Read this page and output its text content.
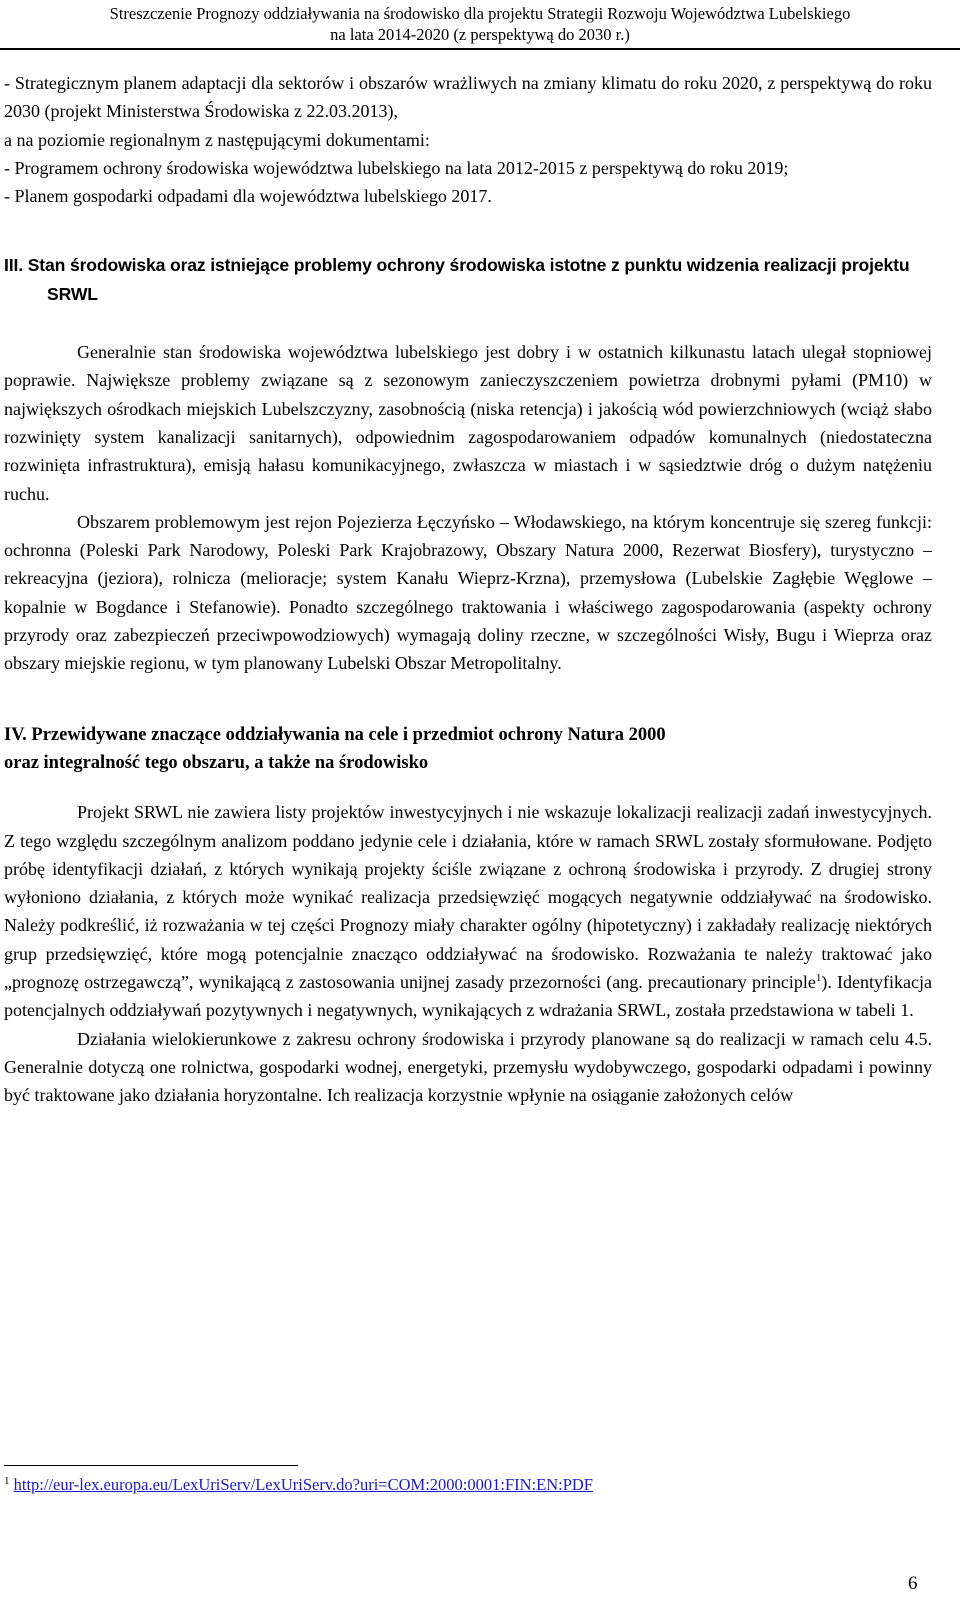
Streszczenie Prognozy oddziaływania na środowisko dla projektu Strategii Rozwoju Województwa Lubelskiego
na lata 2014-2020 (z perspektywą do 2030 r.)

- Strategicznym planem adaptacji dla sektorów i obszarów wrażliwych na zmiany klimatu do roku 2020, z perspektywą do roku 2030 (projekt Ministerstwa Środowiska z 22.03.2013),

a na poziomie regionalnym z następującymi dokumentami:

- Programem ochrony środowiska województwa lubelskiego na lata 2012-2015 z perspektywą do roku 2019;

- Planem gospodarki odpadami dla województwa lubelskiego 2017.

III. Stan środowiska oraz istniejące problemy ochrony środowiska istotne z punktu widzenia realizacji projektu SRWL

Generalnie stan środowiska województwa lubelskiego jest dobry i w ostatnich kilkunastu latach ulegał stopniowej poprawie. Największe problemy związane są z sezonowym zanieczyszczeniem powietrza drobnymi pyłami (PM10) w największych ośrodkach miejskich Lubelszczyzny, zasobnością (niska retencja) i jakością wód powierzchniowych (wciąż słabo rozwinięty system kanalizacji sanitarnych), odpowiednim zagospodarowaniem odpadów komunalnych (niedostateczna rozwinięta infrastruktura), emisją hałasu komunikacyjnego, zwłaszcza w miastach i w sąsiedztwie dróg o dużym natężeniu ruchu.

Obszarem problemowym jest rejon Pojezierza Łęczyńsko – Włodawskiego, na którym koncentruje się szereg funkcji: ochronna (Poleski Park Narodowy, Poleski Park Krajobrazowy, Obszary Natura 2000, Rezerwat Biosfery), turystyczno – rekreacyjna (jeziora), rolnicza (melioracje; system Kanału Wieprz-Krzna), przemysłowa (Lubelskie Zagłębie Węglowe – kopalnie w Bogdance i Stefanowie). Ponadto szczególnego traktowania i właściwego zagospodarowania (aspekty ochrony przyrody oraz zabezpieczeń przeciwpowodziowych) wymagają doliny rzeczne, w szczególności Wisły, Bugu i Wieprza oraz obszary miejskie regionu, w tym planowany Lubelski Obszar Metropolitalny.

IV. Przewidywane znaczące oddziaływania na cele i przedmiot ochrony Natura 2000
oraz integralność tego obszaru, a także na środowisko

Projekt SRWL nie zawiera listy projektów inwestycyjnych i nie wskazuje lokalizacji realizacji zadań inwestycyjnych. Z tego względu szczególnym analizom poddano jedynie cele i działania, które w ramach SRWL zostały sformułowane. Podjęto próbę identyfikacji działań, z których wynikają projekty ściśle związane z ochroną środowiska i przyrody. Z drugiej strony wyłoniono działania, z których może wynikać realizacja przedsięwzięć mogących negatywnie oddziaływać na środowisko. Należy podkreślić, iż rozważania w tej części Prognozy miały charakter ogólny (hipotetyczny) i zakładały realizację niektórych grup przedsięwzięć, które mogą potencjalnie znacząco oddziaływać na środowisko. Rozważania te należy traktować jako „prognozę ostrzegawczą”, wynikającą z zastosowania unijnej zasady przezorności (ang. precautionary principle$^1$). Identyfikacja potencjalnych oddziaływań pozytywnych i negatywnych, wynikających z wdrażania SRWL, została przedstawiona w tabeli 1.

Działania wielokierunkowe z zakresu ochrony środowiska i przyrody planowane są do realizacji w ramach celu 4.5. Generalnie dotyczą one rolnictwa, gospodarki wodnej, energetyki, przemysłu wydobywczego, gospodarki odpadami i powinny być traktowane jako działania horyzontalne. Ich realizacja korzystnie wpłynie na osiąganie założonych celów

$^1$ http://eur-lex.europa.eu/LexUriServ/LexUriServ.do?uri=COM:2000:0001:FIN:EN:PDF
6
